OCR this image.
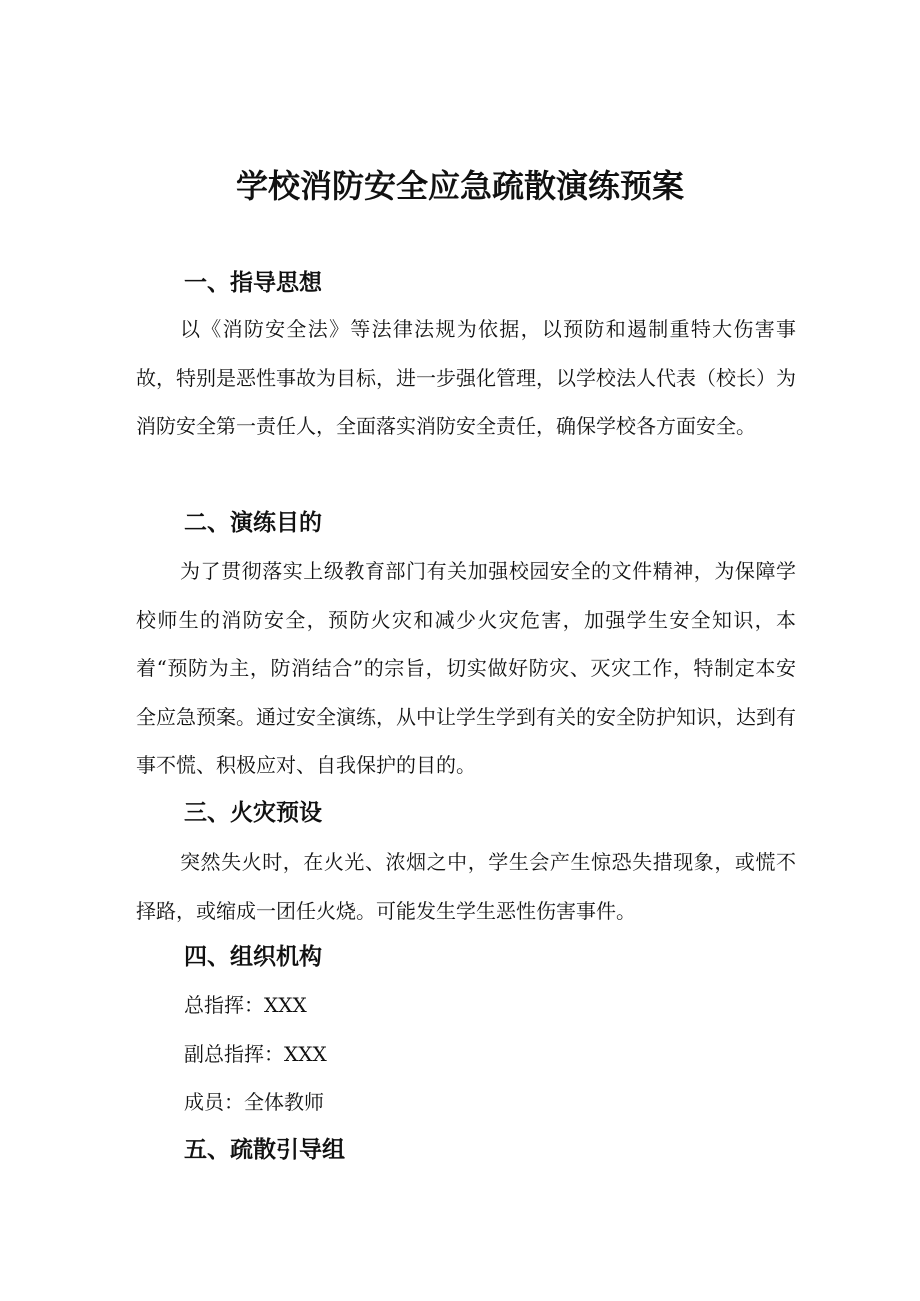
学校消防安全应急疏散演练预案
一、指导思想

以《消防安全法》等法律法规为依据，以预防和遏制重特大伤害事故，特别是恶性事故为目标，进一步强化管理，以学校法人代表（校长）为消防安全第一责任人，全面落实消防安全责任，确保学校各方面安全。

二、演练目的

为了贯彻落实上级教育部门有关加强校园安全的文件精神，为保障学校师生的消防安全，预防火灾和减少火灾危害，加强学生安全知识，本着“预防为主，防消结合”的宗旨，切实做好防灾、灭灾工作，特制定本安全应急预案。通过安全演练，从中让学生学到有关的安全防护知识，达到有事不慌、积极应对、自我保护的目的。

三、火灾预设

突然失火时，在火光、浓烟之中，学生会产生惊恐失措现象，或慌不择路，或缩成一团任火烧。可能发生学生恶性伤害事件。

四、组织机构

总指挥：XXX

副总指挥：XXX

成员：全体教师

五、疏散引导组
